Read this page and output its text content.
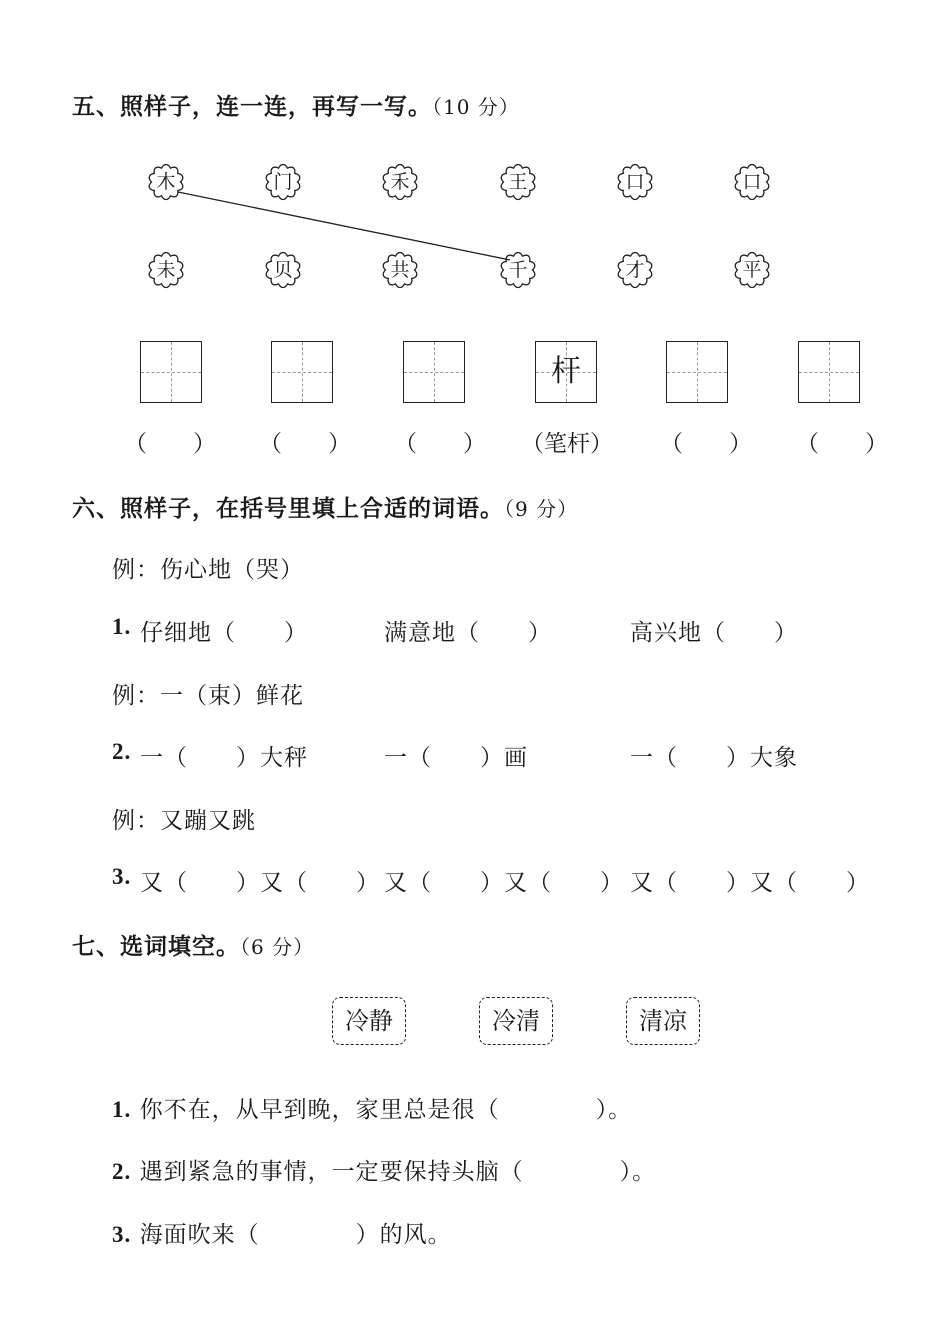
五、照样子，连一连，再写一写。（10 分）
木	门	禾	王	口	口
未	贝	共	千	才	平
杆
（　　） （　　） （　　） （笔杆） （　　） （　　）
六、照样子，在括号里填上合适的词语。（9 分）
例：伤心地（哭）
1. 仔细地（　　）	满意地（　　）	高兴地（　　）
例：一（束）鲜花
2. 一（　　）大秤	一（　　）画	一（　　）大象
例：又蹦又跳
3. 又（　　）又（　　） 又（　　）又（　　） 又（　　）又（　　）
七、选词填空。（6 分）
冷静	冷清	清凉
1. 你不在，从早到晚，家里总是很（　　　　）。
2. 遇到紧急的事情，一定要保持头脑（　　　　）。
3. 海面吹来（　　　　）的风。
